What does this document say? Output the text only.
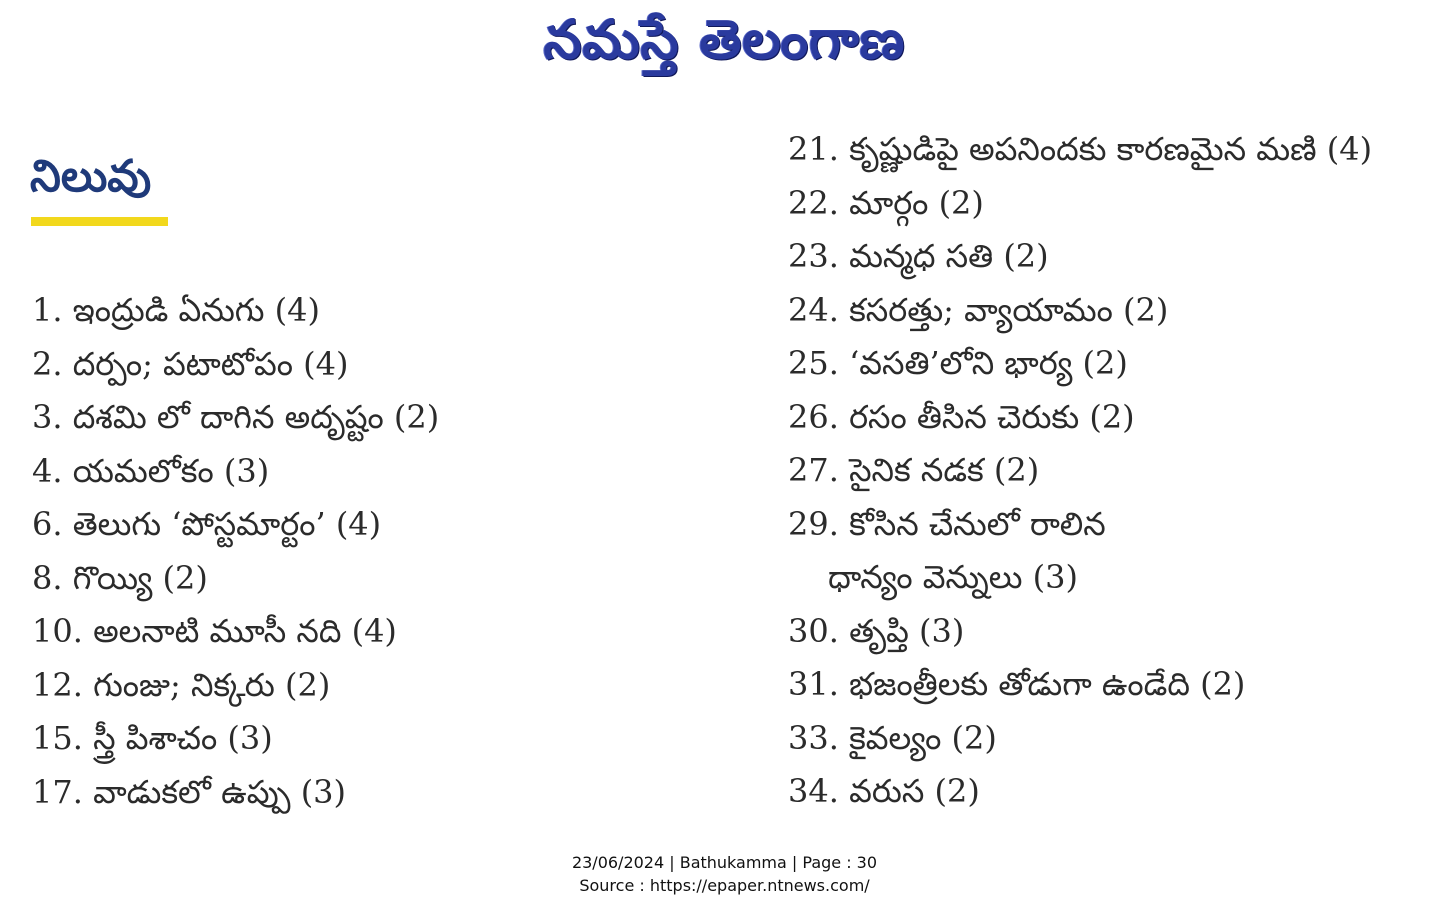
నమస్తే తెలంగాణ
నిలువు
1. ఇంద్రుడి ఏనుగు (4)
2. దర్పం; పటాటోపం (4)
3. దశమి లో దాగిన అదృష్టం (2)
4. యమలోకం (3)
6. తెలుగు ‘పోస్టమార్టం’ (4)
8. గొయ్యి (2)
10. అలనాటి మూసీ నది (4)
12. గుంజు; నిక్కరు (2)
15. స్త్రీ పిశాచం (3)
17. వాడుకలో ఉప్పు (3)
21. కృష్ణుడిపై అపనిందకు కారణమైన మణి (4)
22. మార్గం (2)
23. మన్మధ సతి (2)
24. కసరత్తు; వ్యాయామం (2)
25. ‘వసతి’లోని భార్య (2)
26. రసం తీసిన చెరుకు (2)
27. సైనిక నడక (2)
29. కోసిన చేనులో రాలిన
ధాన్యం వెన్నులు (3)
30. తృప్తి (3)
31. భజంత్రీలకు తోడుగా ఉండేది (2)
33. కైవల్యం (2)
34. వరుస (2)
23/06/2024 | Bathukamma | Page : 30
Source : https://epaper.ntnews.com/
